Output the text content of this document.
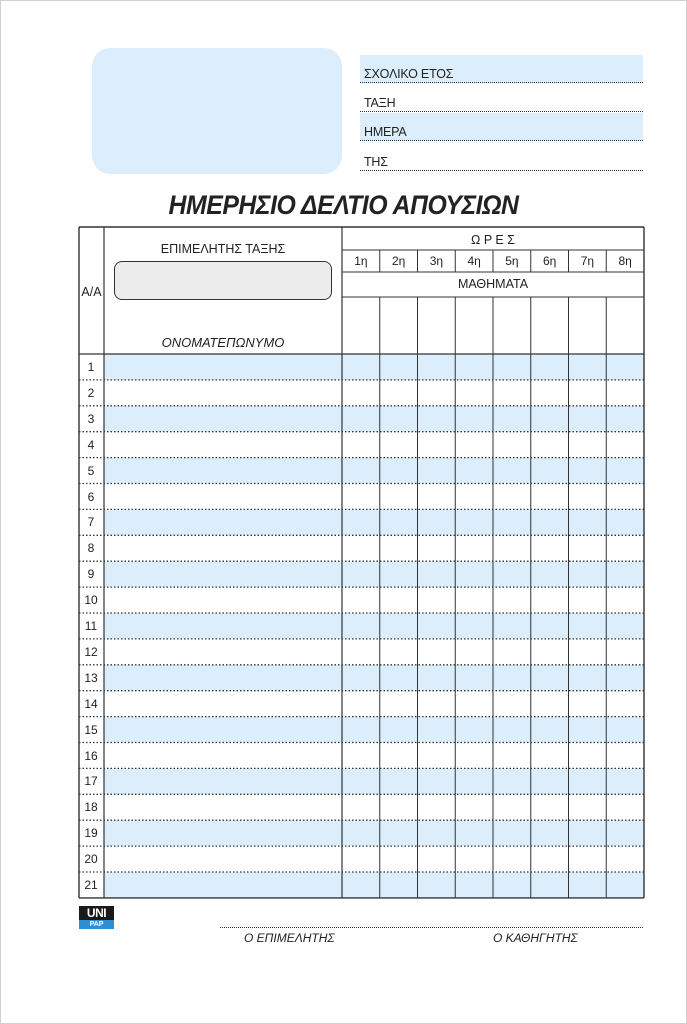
ΣΧΟΛΙΚΟ ΕΤΟΣ
ΤΑΞΗ
ΗΜΕΡΑ
ΤΗΣ
ΗΜΕΡΗΣΙΟ ΔΕΛΤΙΟ ΑΠΟΥΣΙΩΝ
Α/Α
ΕΠΙΜΕΛΗΤΗΣ ΤΑΞΗΣ
ΟΝΟΜΑΤΕΠΩΝΥΜΟ
Ω Ρ Ε Σ
ΜΑΘΗΜΑΤΑ
1η	2η	3η	4η	5η	6η	7η	8η
1
2
3
4
5
6
7
8
9
10
11
12
13
14
15
16
17
18
19
20
21
UNI
PAP
Ο ΕΠΙΜΕΛΗΤΗΣ	Ο ΚΑΘΗΓΗΤΗΣ
